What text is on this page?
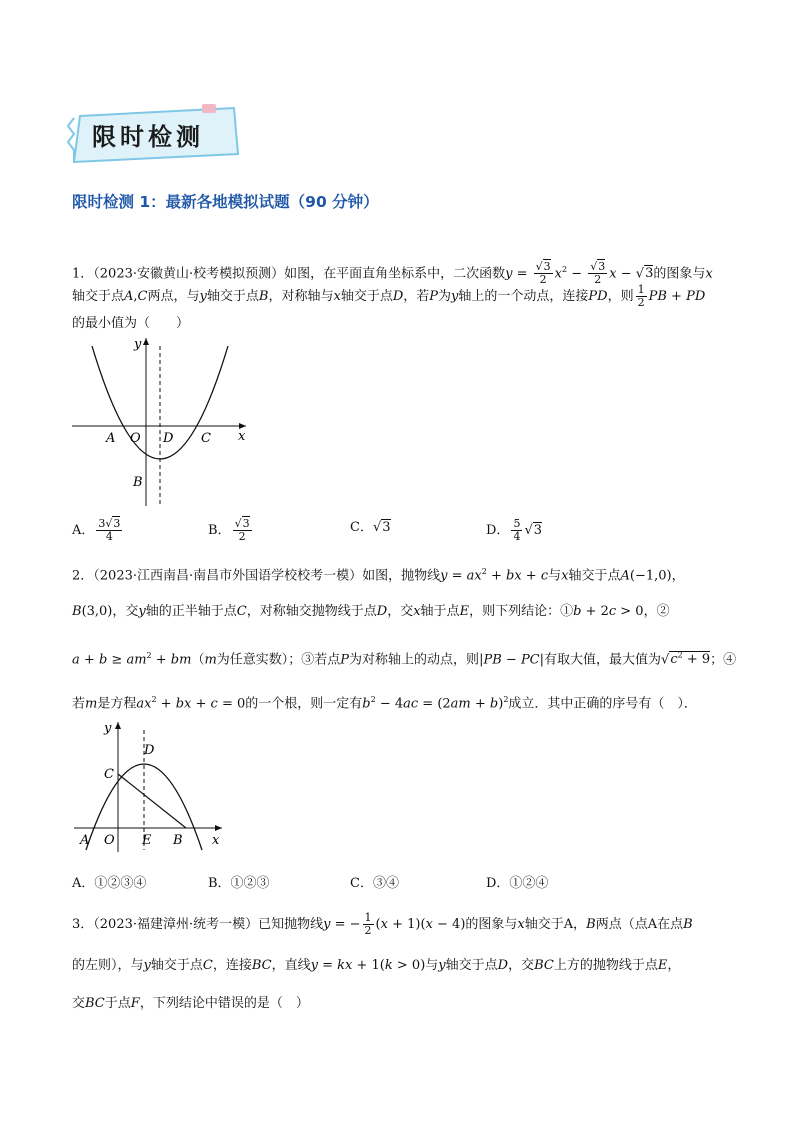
限时检测
限时检测 1：最新各地模拟试题（90 分钟）
1．（2023·安徽黄山·校考模拟预测）如图，在平面直角坐标系中，二次函数$y = \frac{√3}{2} x^2 - \frac{√3}{2}$ x − √3的图象与x
轴交于点A,C两点，与y轴交于点B，对称轴与x轴交于点D，若P为y轴上的一个动点，连接PD，则 $\frac{1}{2}$ PB + PD
的最小值为（　　）
y
x
A O D C
B
A． $\frac{3√3}{4}$	B． $\frac{√3}{2}$	C．√3	D． $\frac{5}{4} √3$
2．（2023·江西南昌·南昌市外国语学校校考一模）如图，抛物线$y = ax^2$ + bx + c与x轴交于点A(−1,0)，
B(3,0)，交y轴的正半轴于点C，对称轴交抛物线于点D，交x轴于点E，则下列结论：①b + 2c > 0，②
$a + b \ge am^2 + bm(m$为任意实数）；③若点P为对称轴上的动点，则|PB − PC|有取大值，最大值为$√c^2 + 9$；④
若m是方程$ax^2$ + bx + c = 0的一个根，则一定有$b^2 - 4ac = (2am + b)^2$成立．其中正确的序号有（　）．
y
x
A O E B
C
D
A．①②③④	B．①②③	C．③④	D．①②④
3．（2023·福建漳州·统考一模）已知抛物线y = − $\frac{1}{2} (x + 1)(x - 4)$的图象与x轴交于A，B两点（点A在点B
的左则），与y轴交于点C，连接BC，直线y = kx + 1(k > 0)与y轴交于点D，交BC上方的抛物线于点E，
交BC于点F，下列结论中错误的是（　）
